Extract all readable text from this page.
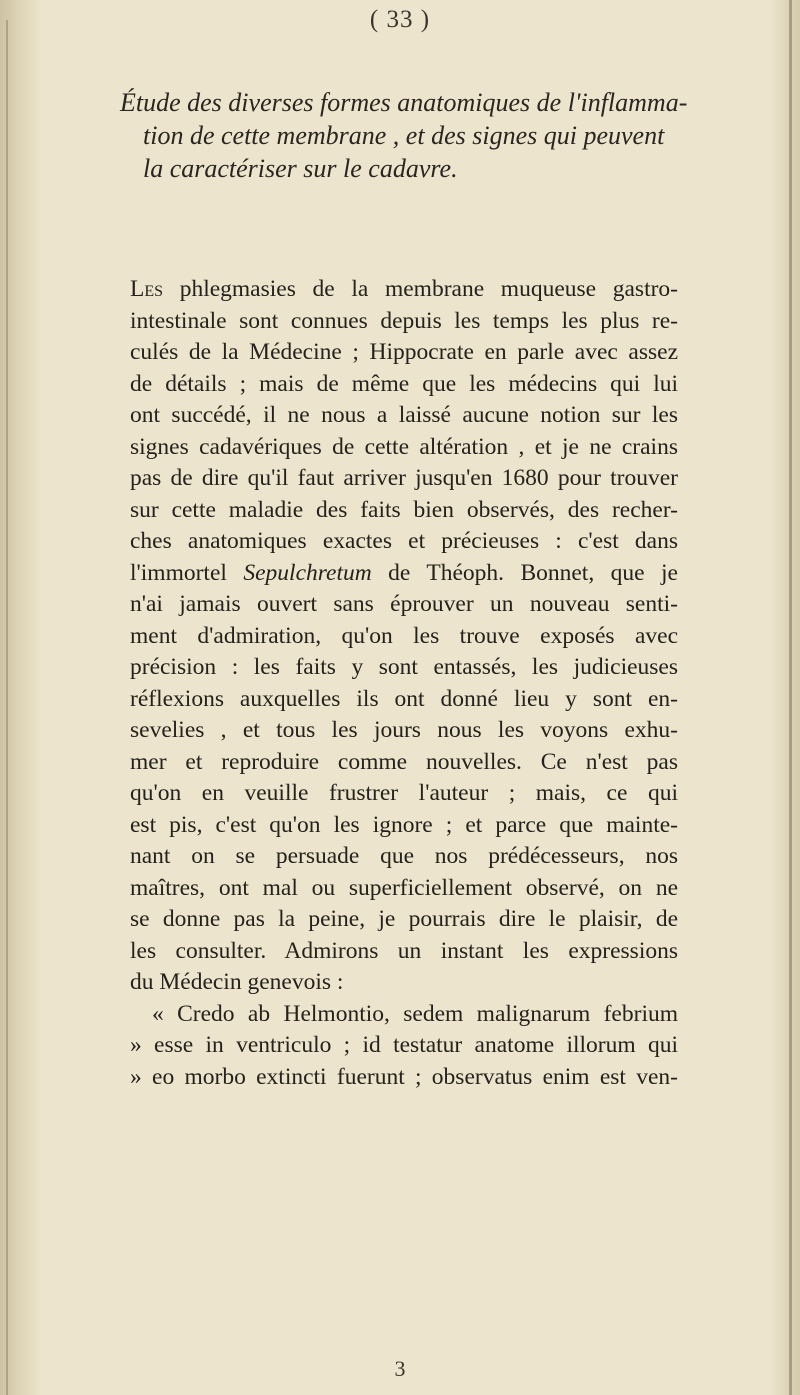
( 33 )
Étude des diverses formes anatomiques de l'inflamma-
tion de cette membrane , et des signes qui peuvent
la caractériser sur le cadavre.
Les phlegmasies de la membrane muqueuse gastro-
intestinale sont connues depuis les temps les plus re-
culés de la Médecine ; Hippocrate en parle avec assez
de détails ; mais de même que les médecins qui lui
ont succédé, il ne nous a laissé aucune notion sur les
signes cadavériques de cette altération , et je ne crains
pas de dire qu'il faut arriver jusqu'en 1680 pour trouver
sur cette maladie des faits bien observés, des recher-
ches anatomiques exactes et précieuses : c'est dans
l'immortel Sepulchretum de Théoph. Bonnet, que je
n'ai jamais ouvert sans éprouver un nouveau senti-
ment d'admiration, qu'on les trouve exposés avec
précision : les faits y sont entassés, les judicieuses
réflexions auxquelles ils ont donné lieu y sont en-
sevelies , et tous les jours nous les voyons exhu-
mer et reproduire comme nouvelles. Ce n'est pas
qu'on en veuille frustrer l'auteur ; mais, ce qui
est pis, c'est qu'on les ignore ; et parce que mainte-
nant on se persuade que nos prédécesseurs, nos
maîtres, ont mal ou superficiellement observé, on ne
se donne pas la peine, je pourrais dire le plaisir, de
les consulter. Admirons un instant les expressions
du Médecin genevois :
« Credo ab Helmontio, sedem malignarum febrium
» esse in ventriculo ; id testatur anatome illorum qui
» eo morbo extincti fuerunt ; observatus enim est ven-
3
